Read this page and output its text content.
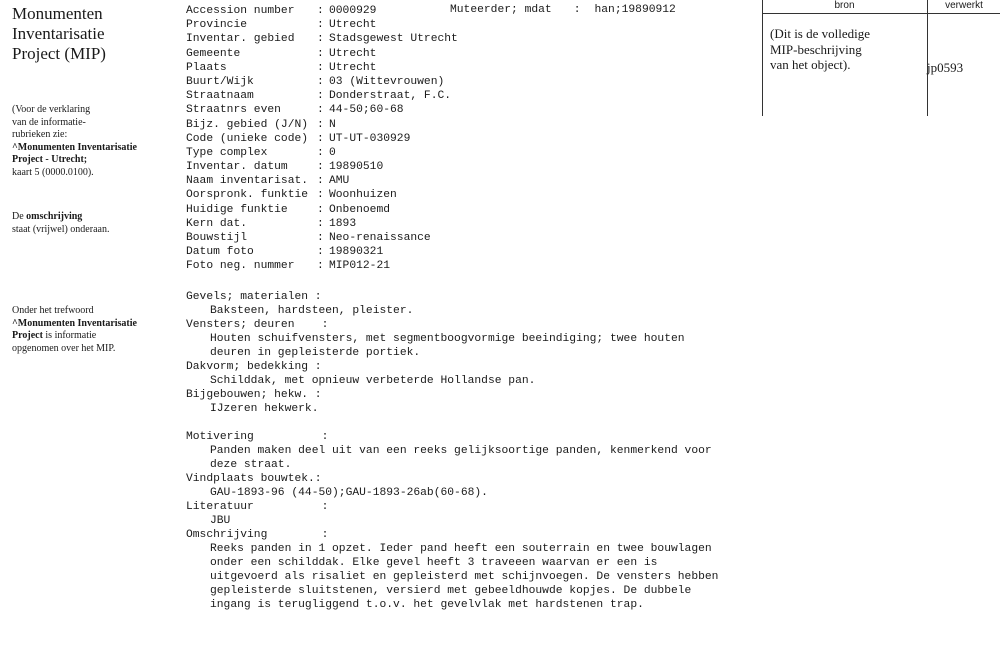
Monumenten
Inventarisatie
Project (MIP)
(Voor de verklaring
van de informatie-
rubrieken zie:
^Monumenten Inventarisatie
Project - Utrecht;
kaart 5 (0000.0100).
De omschrijving
staat (vrijwel) onderaan.
Onder het trefwoord
^Monumenten Inventarisatie
Project is informatie
opgenomen over het MIP.
Muteerder; mdat : han;19890912
Accession number : 0000929
Provincie	: Utrecht
Inventar. gebied : Stadsgewest Utrecht
Gemeente	: Utrecht
Plaats	: Utrecht
Buurt/Wijk	: 03 (Wittevrouwen)
Straatnaam	: Donderstraat, F.C.
Straatnrs even	: 44-50;60-68
Bijz. gebied (J/N) : N
Code (unieke code) : UT-UT-030929
Type complex	: 0
Inventar. datum	: 19890510
Naam inventarisat. : AMU
Oorspronk. funktie : Woonhuizen
Huidige funktie	: Onbenoemd
Kern dat.	: 1893
Bouwstijl	: Neo-renaissance
Datum foto	: 19890321
Foto neg. nummer : MIP012-21
Gevels; materialen :
Baksteen, hardsteen, pleister.
Vensters; deuren    :
Houten schuifvensters, met segmentboogvormige beeindiging; twee houten
deuren in gepleisterde portiek.
Dakvorm; bedekking :
Schilddak, met opnieuw verbeterde Hollandse pan.
Bijgebouwen; hekw. :
IJzeren hekwerk.
Motivering          :
Panden maken deel uit van een reeks gelijksoortige panden, kenmerkend voor
deze straat.
Vindplaats bouwtek.:
GAU-1893-96 (44-50);GAU-1893-26ab(60-68).
Literatuur          :
JBU
Omschrijving        :
Reeks panden in 1 opzet. Ieder pand heeft een souterrain en twee bouwlagen
onder een schilddak. Elke gevel heeft 3 traveeen waarvan er een is
uitgevoerd als risaliet en gepleisterd met schijnvoegen. De vensters hebben
gepleisterde sluitstenen, versierd met gebeeldhouwde kopjes. De dubbele
ingang is terugliggend t.o.v. het gevelvlak met hardstenen trap.
bron	verwerkt
(Dit is de volledige
MIP-beschrijving
van het object).	jp0593
